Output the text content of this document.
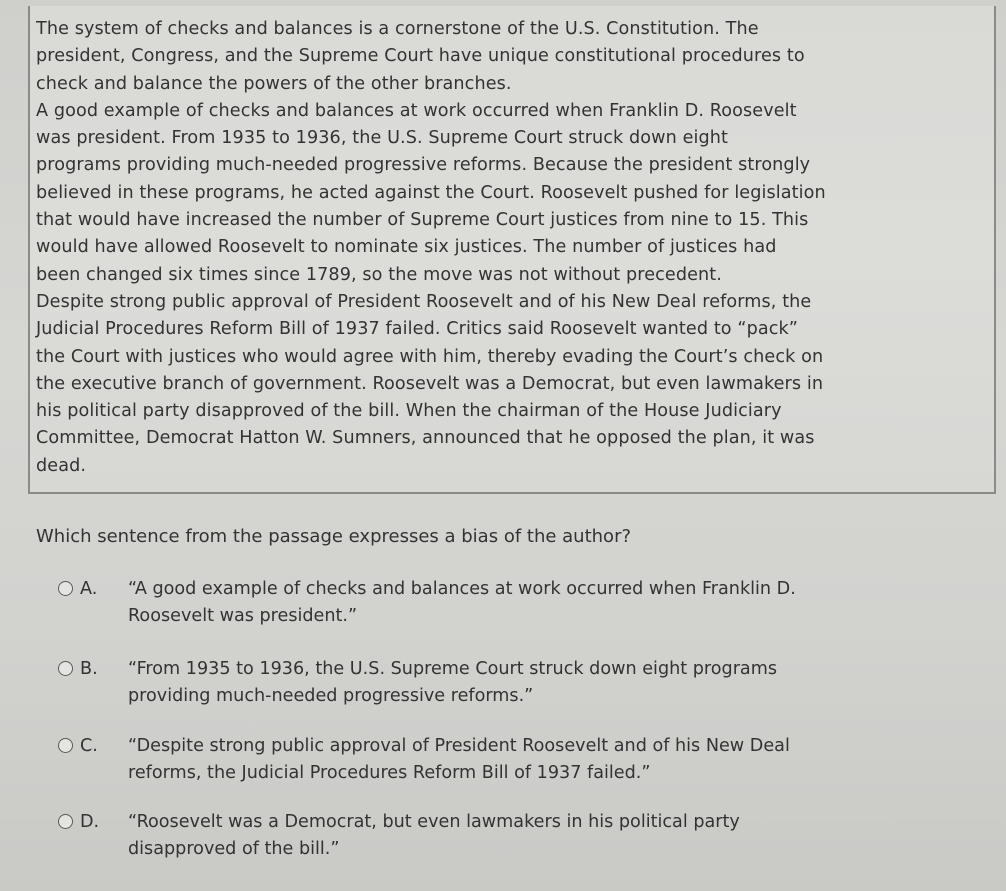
The system of checks and balances is a cornerstone of the U.S. Constitution. The
president, Congress, and the Supreme Court have unique constitutional procedures to
check and balance the powers of the other branches.
A good example of checks and balances at work occurred when Franklin D. Roosevelt
was president. From 1935 to 1936, the U.S. Supreme Court struck down eight
programs providing much-needed progressive reforms. Because the president strongly
believed in these programs, he acted against the Court. Roosevelt pushed for legislation
that would have increased the number of Supreme Court justices from nine to 15. This
would have allowed Roosevelt to nominate six justices. The number of justices had
been changed six times since 1789, so the move was not without precedent.
Despite strong public approval of President Roosevelt and of his New Deal reforms, the
Judicial Procedures Reform Bill of 1937 failed. Critics said Roosevelt wanted to “pack”
the Court with justices who would agree with him, thereby evading the Court’s check on
the executive branch of government. Roosevelt was a Democrat, but even lawmakers in
his political party disapproved of the bill. When the chairman of the House Judiciary
Committee, Democrat Hatton W. Sumners, announced that he opposed the plan, it was
dead.

Which sentence from the passage expresses a bias of the author?
A. “A good example of checks and balances at work occurred when Franklin D.
Roosevelt was president.”
B. “From 1935 to 1936, the U.S. Supreme Court struck down eight programs
providing much-needed progressive reforms.”
C. “Despite strong public approval of President Roosevelt and of his New Deal
reforms, the Judicial Procedures Reform Bill of 1937 failed.”
D. “Roosevelt was a Democrat, but even lawmakers in his political party
disapproved of the bill.”
